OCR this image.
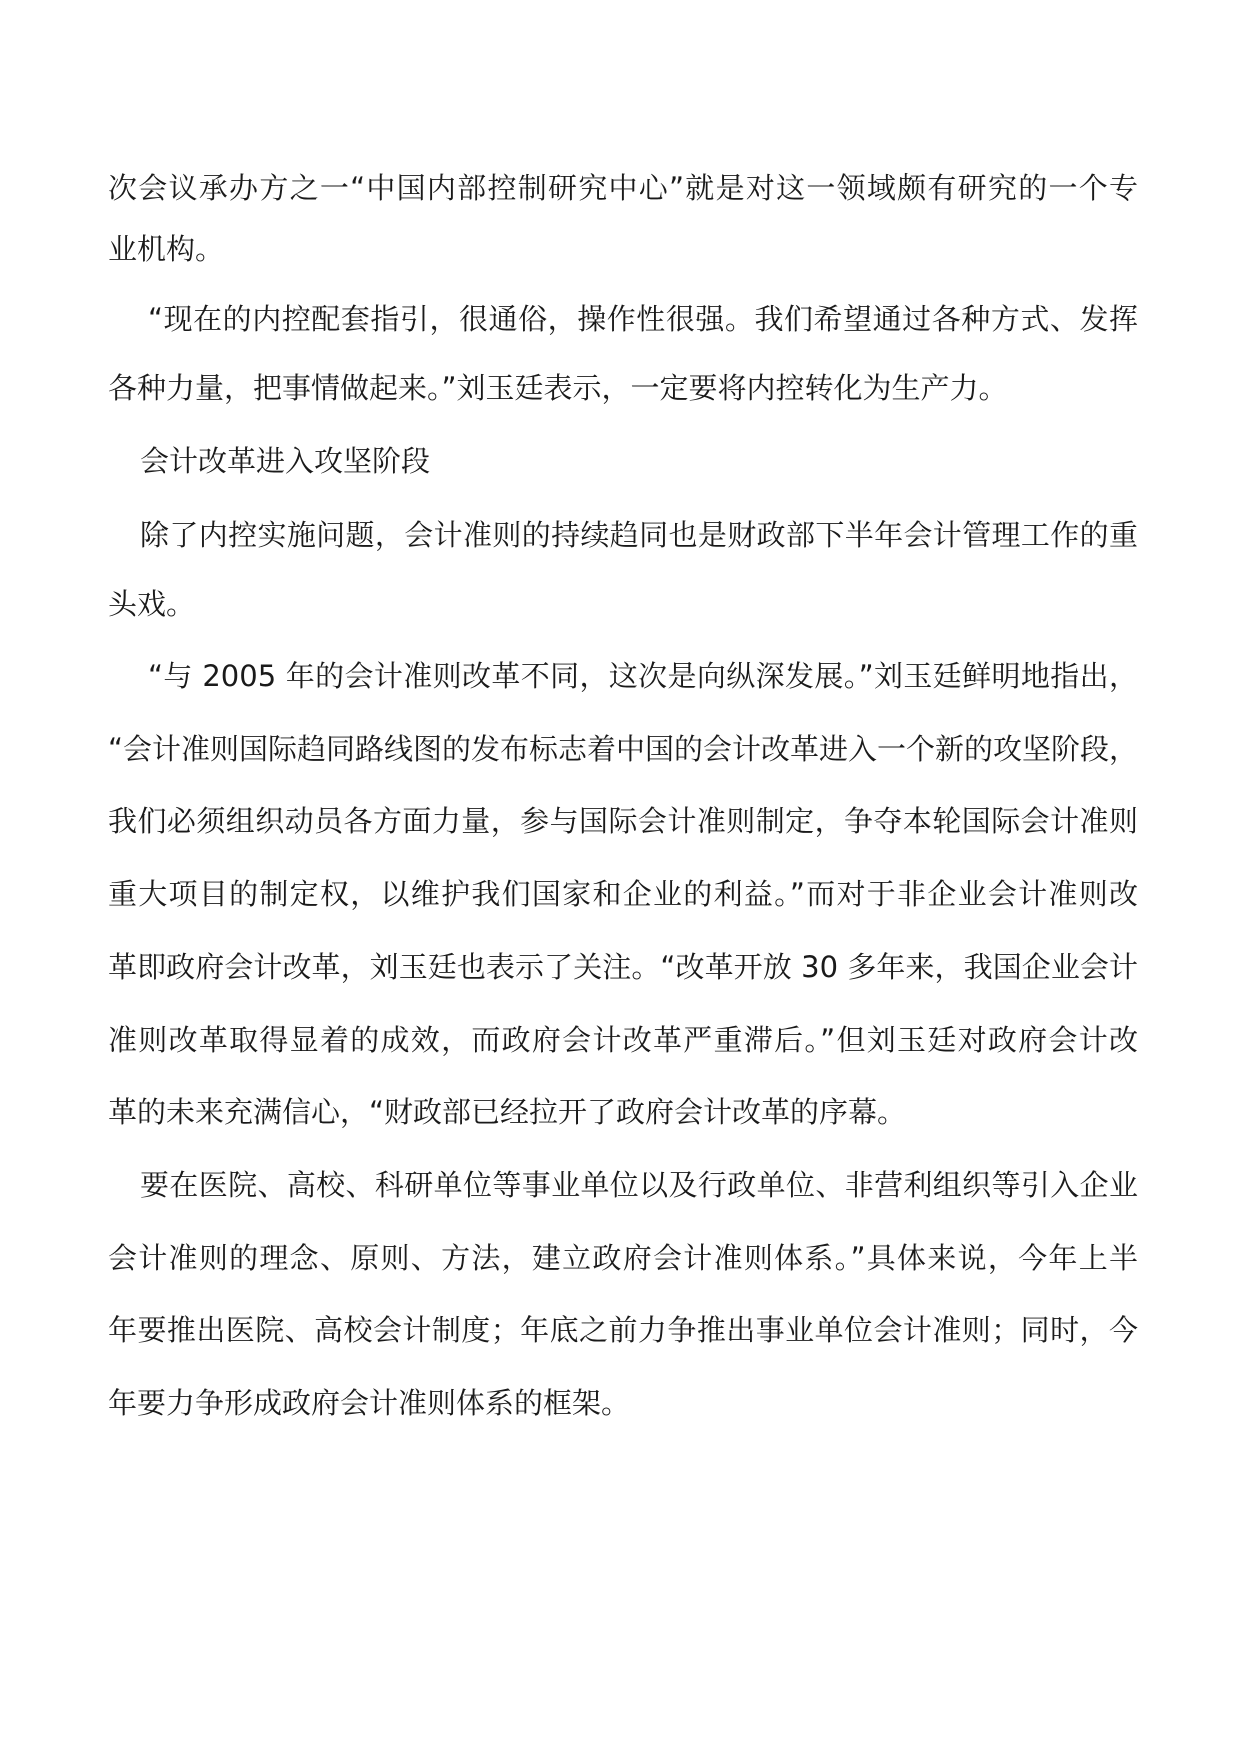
次会议承办方之一“中国内部控制研究中心”就是对这一领域颇有研究的一个专
业机构。
“现在的内控配套指引，很通俗，操作性很强。我们希望通过各种方式、发挥
各种力量，把事情做起来。”刘玉廷表示，一定要将内控转化为生产力。
会计改革进入攻坚阶段
除了内控实施问题，会计准则的持续趋同也是财政部下半年会计管理工作的重
头戏。
“与 2005 年的会计准则改革不同，这次是向纵深发展。”刘玉廷鲜明地指出，
“会计准则国际趋同路线图的发布标志着中国的会计改革进入一个新的攻坚阶段，
我们必须组织动员各方面力量，参与国际会计准则制定，争夺本轮国际会计准则
重大项目的制定权，以维护我们国家和企业的利益。”而对于非企业会计准则改
革即政府会计改革，刘玉廷也表示了关注。“改革开放 30 多年来，我国企业会计
准则改革取得显着的成效，而政府会计改革严重滞后。”但刘玉廷对政府会计改
革的未来充满信心，“财政部已经拉开了政府会计改革的序幕。
要在医院、高校、科研单位等事业单位以及行政单位、非营利组织等引入企业
会计准则的理念、原则、方法，建立政府会计准则体系。”具体来说，今年上半
年要推出医院、高校会计制度；年底之前力争推出事业单位会计准则；同时，今
年要力争形成政府会计准则体系的框架。
